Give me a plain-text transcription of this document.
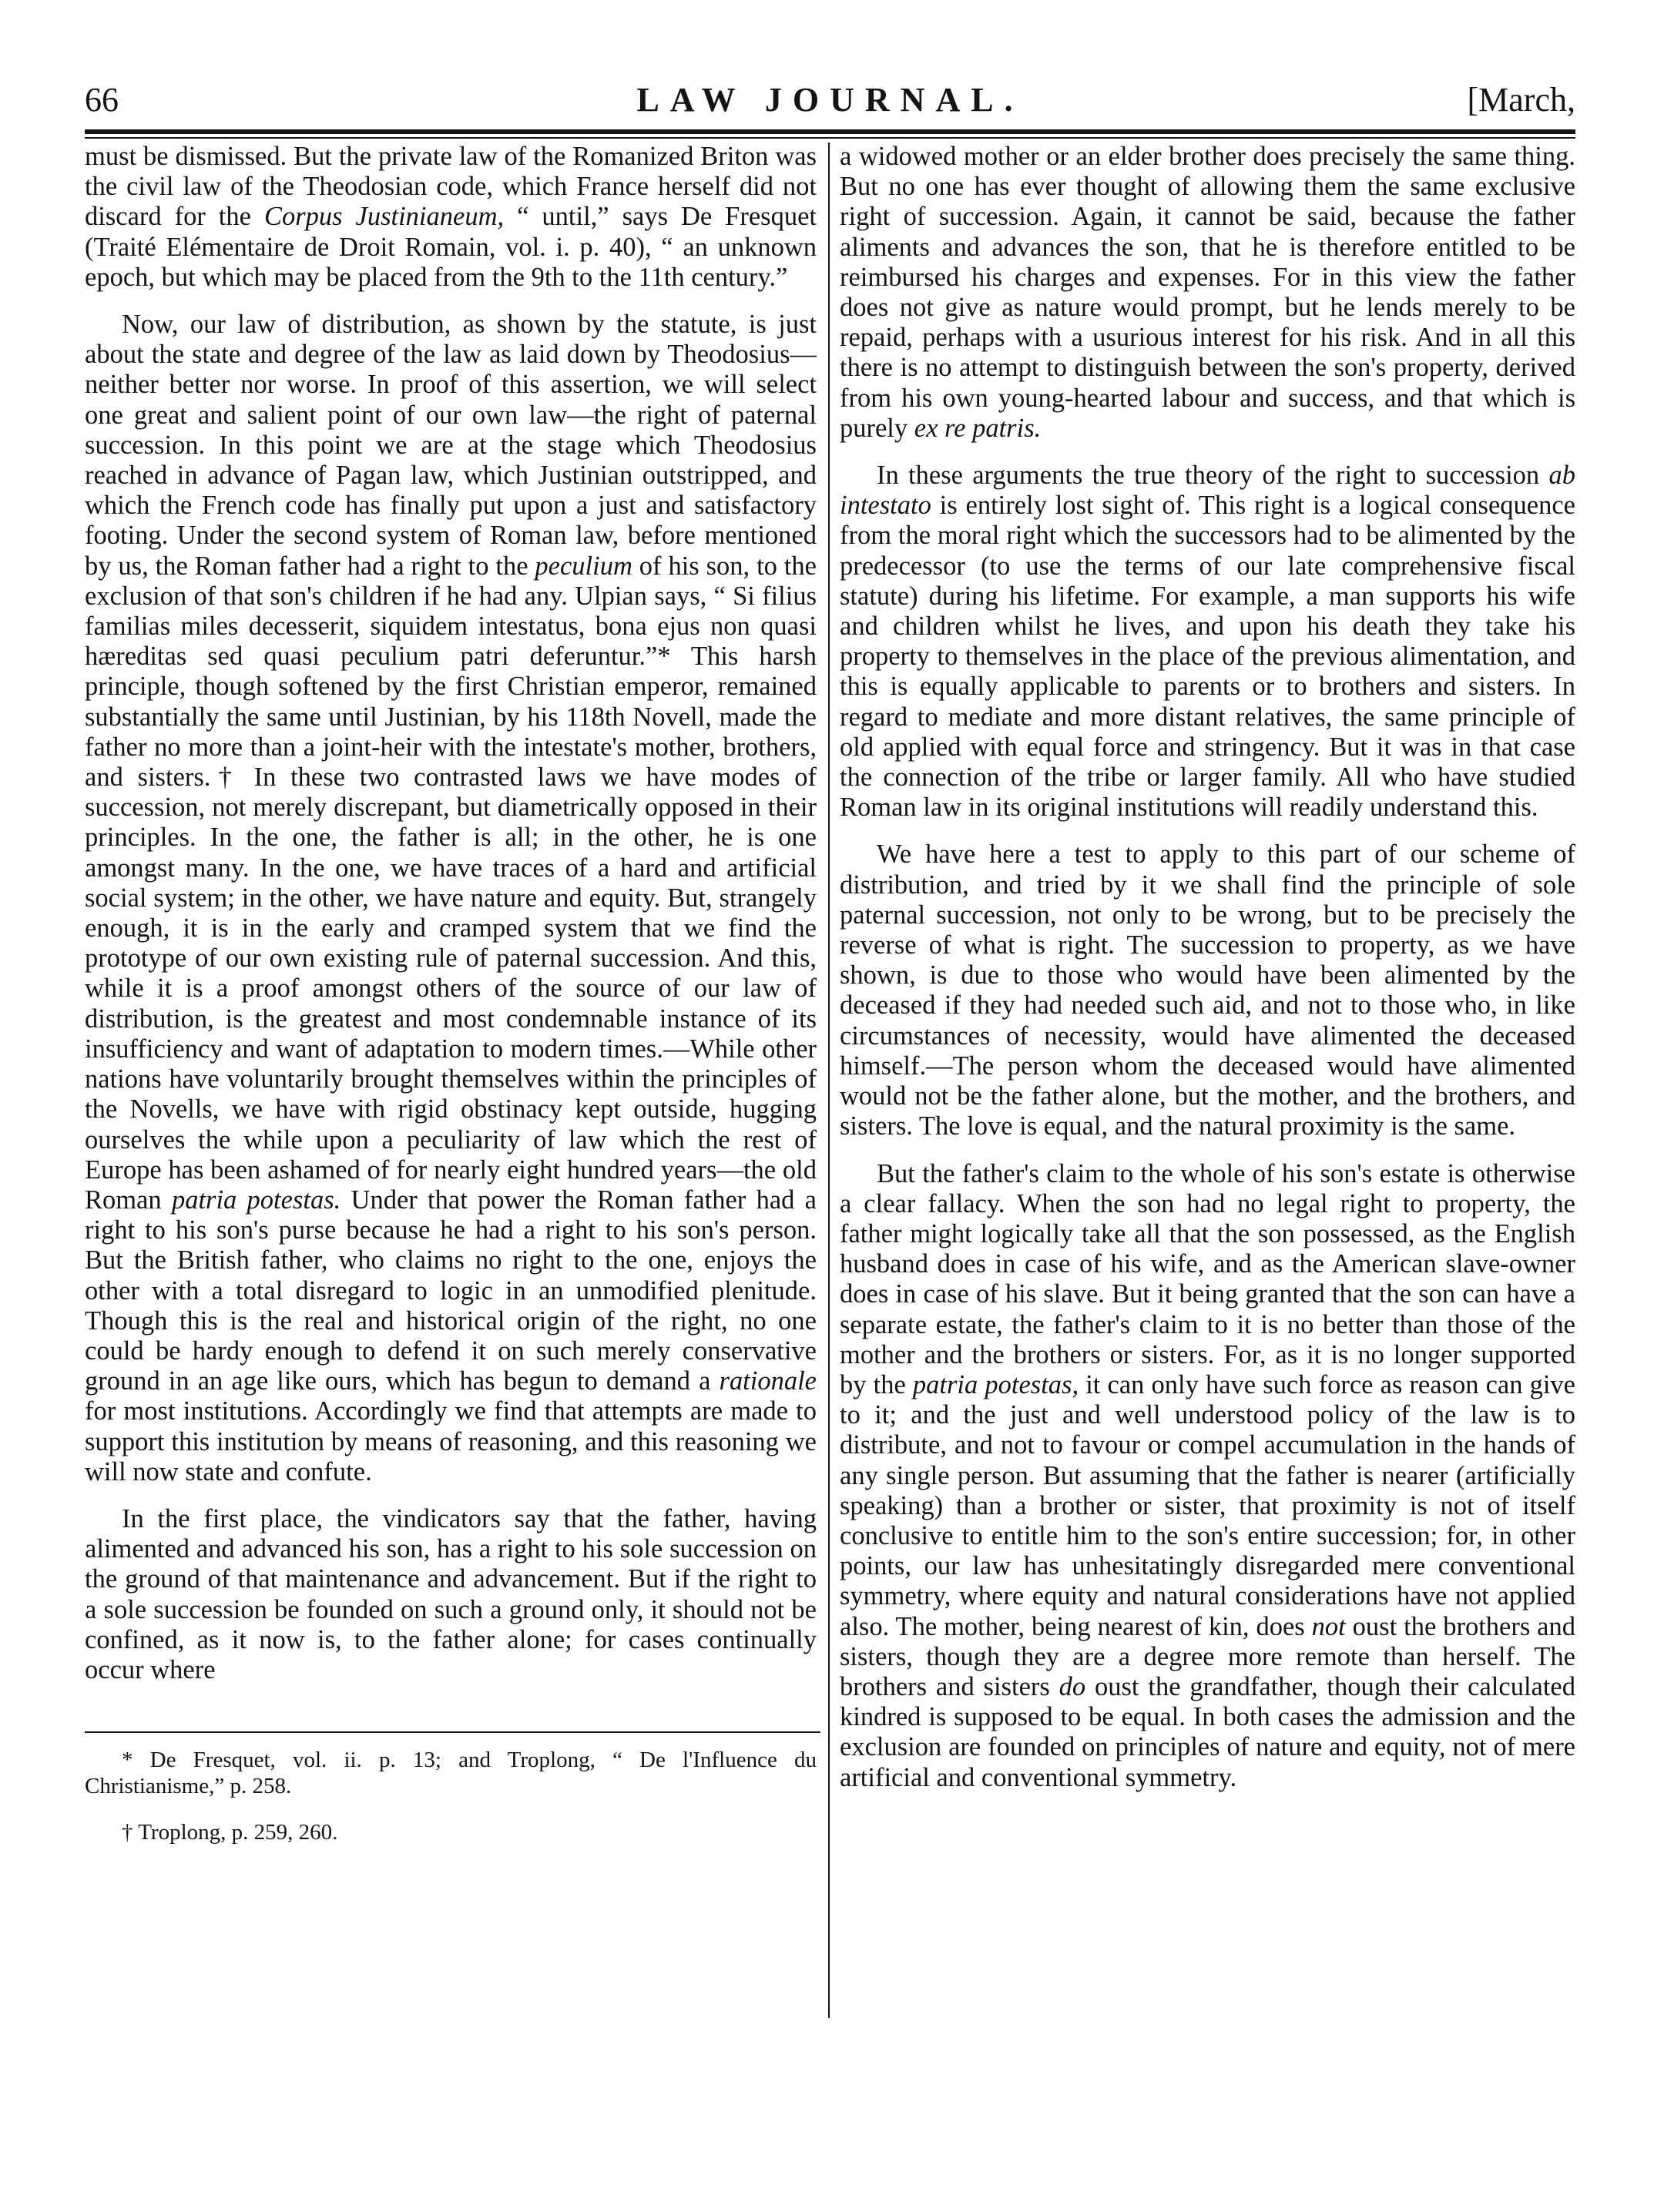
66	LAW JOURNAL.	[March,

must be dismissed. But the private law of the Romanized Briton was the civil law of the Theodosian code, which France herself did not discard for the Corpus Justinianeum, “ until,” says De Fresquet (Traité Elémentaire de Droit Romain, vol. i. p. 40), “ an unknown epoch, but which may be placed from the 9th to the 11th century.”

Now, our law of distribution, as shown by the statute, is just about the state and degree of the law as laid down by Theodosius—neither better nor worse. In proof of this assertion, we will select one great and salient point of our own law—the right of paternal succession. In this point we are at the stage which Theodosius reached in advance of Pagan law, which Justinian outstripped, and which the French code has finally put upon a just and satisfactory footing. Under the second system of Roman law, before mentioned by us, the Roman father had a right to the peculium of his son, to the exclusion of that son's children if he had any. Ulpian says, “ Si filius familias miles decesserit, siquidem intestatus, bona ejus non quasi hæreditas sed quasi peculium patri deferuntur.”* This harsh principle, though softened by the first Christian emperor, remained substantially the same until Justinian, by his 118th Novell, made the father no more than a joint-heir with the intestate's mother, brothers, and sisters.† In these two contrasted laws we have modes of succession, not merely discrepant, but diametrically opposed in their principles. In the one, the father is all; in the other, he is one amongst many. In the one, we have traces of a hard and artificial social system; in the other, we have nature and equity. But, strangely enough, it is in the early and cramped system that we find the prototype of our own existing rule of paternal succession. And this, while it is a proof amongst others of the source of our law of distribution, is the greatest and most condemnable instance of its insufficiency and want of adaptation to modern times.—While other nations have voluntarily brought themselves within the principles of the Novells, we have with rigid obstinacy kept outside, hugging ourselves the while upon a peculiarity of law which the rest of Europe has been ashamed of for nearly eight hundred years—the old Roman patria potestas. Under that power the Roman father had a right to his son's purse because he had a right to his son's person. But the British father, who claims no right to the one, enjoys the other with a total disregard to logic in an unmodified plenitude. Though this is the real and historical origin of the right, no one could be hardy enough to defend it on such merely conservative ground in an age like ours, which has begun to demand a rationale for most institutions. Accordingly we find that attempts are made to support this institution by means of reasoning, and this reasoning we will now state and confute.

In the first place, the vindicators say that the father, having alimented and advanced his son, has a right to his sole succession on the ground of that maintenance and advancement. But if the right to a sole succession be founded on such a ground only, it should not be confined, as it now is, to the father alone; for cases continually occur where

* De Fresquet, vol. ii. p. 13; and Troplong, “ De l'Influence du Christianisme,” p. 258.

† Troplong, p. 259, 260.

a widowed mother or an elder brother does precisely the same thing. But no one has ever thought of allowing them the same exclusive right of succession. Again, it cannot be said, because the father aliments and advances the son, that he is therefore entitled to be reimbursed his charges and expenses. For in this view the father does not give as nature would prompt, but he lends merely to be repaid, perhaps with a usurious interest for his risk. And in all this there is no attempt to distinguish between the son's property, derived from his own young-hearted labour and success, and that which is purely ex re patris.

In these arguments the true theory of the right to succession ab intestato is entirely lost sight of. This right is a logical consequence from the moral right which the successors had to be alimented by the predecessor (to use the terms of our late comprehensive fiscal statute) during his lifetime. For example, a man supports his wife and children whilst he lives, and upon his death they take his property to themselves in the place of the previous alimentation, and this is equally applicable to parents or to brothers and sisters. In regard to mediate and more distant relatives, the same principle of old applied with equal force and stringency. But it was in that case the connection of the tribe or larger family. All who have studied Roman law in its original institutions will readily understand this.

We have here a test to apply to this part of our scheme of distribution, and tried by it we shall find the principle of sole paternal succession, not only to be wrong, but to be precisely the reverse of what is right. The succession to property, as we have shown, is due to those who would have been alimented by the deceased if they had needed such aid, and not to those who, in like circumstances of necessity, would have alimented the deceased himself.—The person whom the deceased would have alimented would not be the father alone, but the mother, and the brothers, and sisters. The love is equal, and the natural proximity is the same.

But the father's claim to the whole of his son's estate is otherwise a clear fallacy. When the son had no legal right to property, the father might logically take all that the son possessed, as the English husband does in case of his wife, and as the American slave-owner does in case of his slave. But it being granted that the son can have a separate estate, the father's claim to it is no better than those of the mother and the brothers or sisters. For, as it is no longer supported by the patria potestas, it can only have such force as reason can give to it; and the just and well understood policy of the law is to distribute, and not to favour or compel accumulation in the hands of any single person. But assuming that the father is nearer (artificially speaking) than a brother or sister, that proximity is not of itself conclusive to entitle him to the son's entire succession; for, in other points, our law has unhesitatingly disregarded mere conventional symmetry, where equity and natural considerations have not applied also. The mother, being nearest of kin, does not oust the brothers and sisters, though they are a degree more remote than herself. The brothers and sisters do oust the grandfather, though their calculated kindred is supposed to be equal. In both cases the admission and the exclusion are founded on principles of nature and equity, not of mere artificial and conventional symmetry.
